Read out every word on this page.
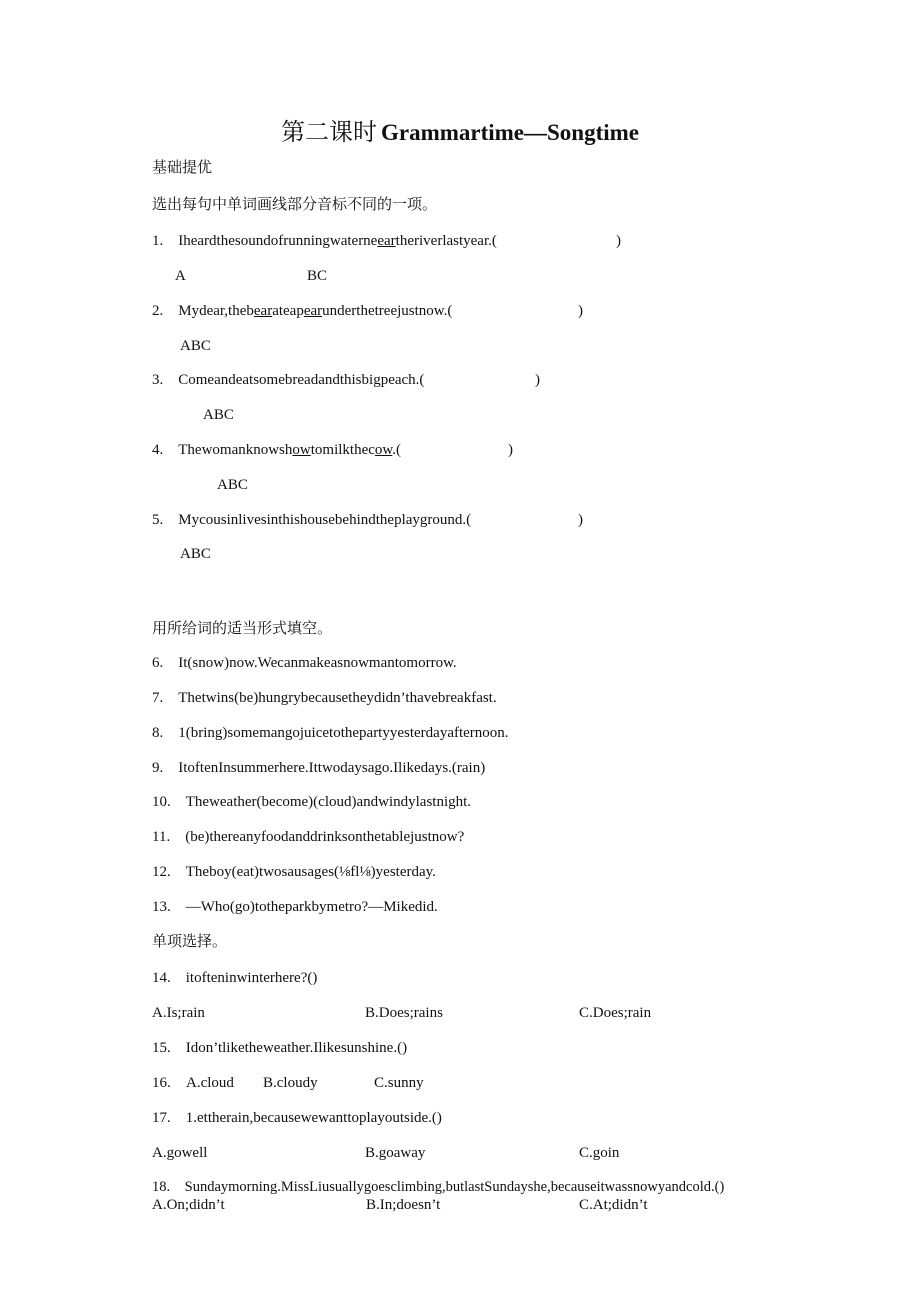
第二课时 Grammartime—Songtime
基础提优
选出每句中单词画线部分音标不同的一项。
1. Iheardthesoundofrunningwaterneeartheriverlastyear.(	)
A	BC
2. Mydear,thebearateapearunderthetreejustnow.(	)
ABC
3. Comeandeatsomebreadandthisbigpeach.(	)
ABC
4. Thewomanknowshowtomilkthecow.(	)
ABC
5. Mycousinlivesinthishousebehindtheplayground.(	)
ABC
用所给词的适当形式填空。
6. It(snow)now.Wecanmakeasnowmantomorrow.
7. Thetwins(be)hungrybecausetheydidn’thavebreakfast.
8. 1(bring)somemangojuicetothepartyyesterdayafternoon.
9. ItoftenInsummerhere.Ittwodaysago.Ilikedays.(rain)
10. Theweather(become)(cloud)andwindylastnight.
11. (be)thereanyfoodanddrinksonthetablejustnow?
12. Theboy(eat)twosausages(⅛fl⅛)yesterday.
13. —Who(go)totheparkbymetro?—Mikedid.
单项选择。
14. itofteninwinterhere?()
A.Is;rain	B.Does;rains	C.Does;rain
15. Idon’tliketheweather.Ilikesunshine.()
16. A.cloud B.cloudy	C.sunny
17. 1.ettherain,becausewewanttoplayoutside.()
A.gowell	B.goaway	C.goin
18. Sundaymorning.MissLiusuallygoesclimbing,butlastSundayshe,becauseitwassnowyandcold.()
A.On;didn’t	B.In;doesn’t	C.At;didn’t
